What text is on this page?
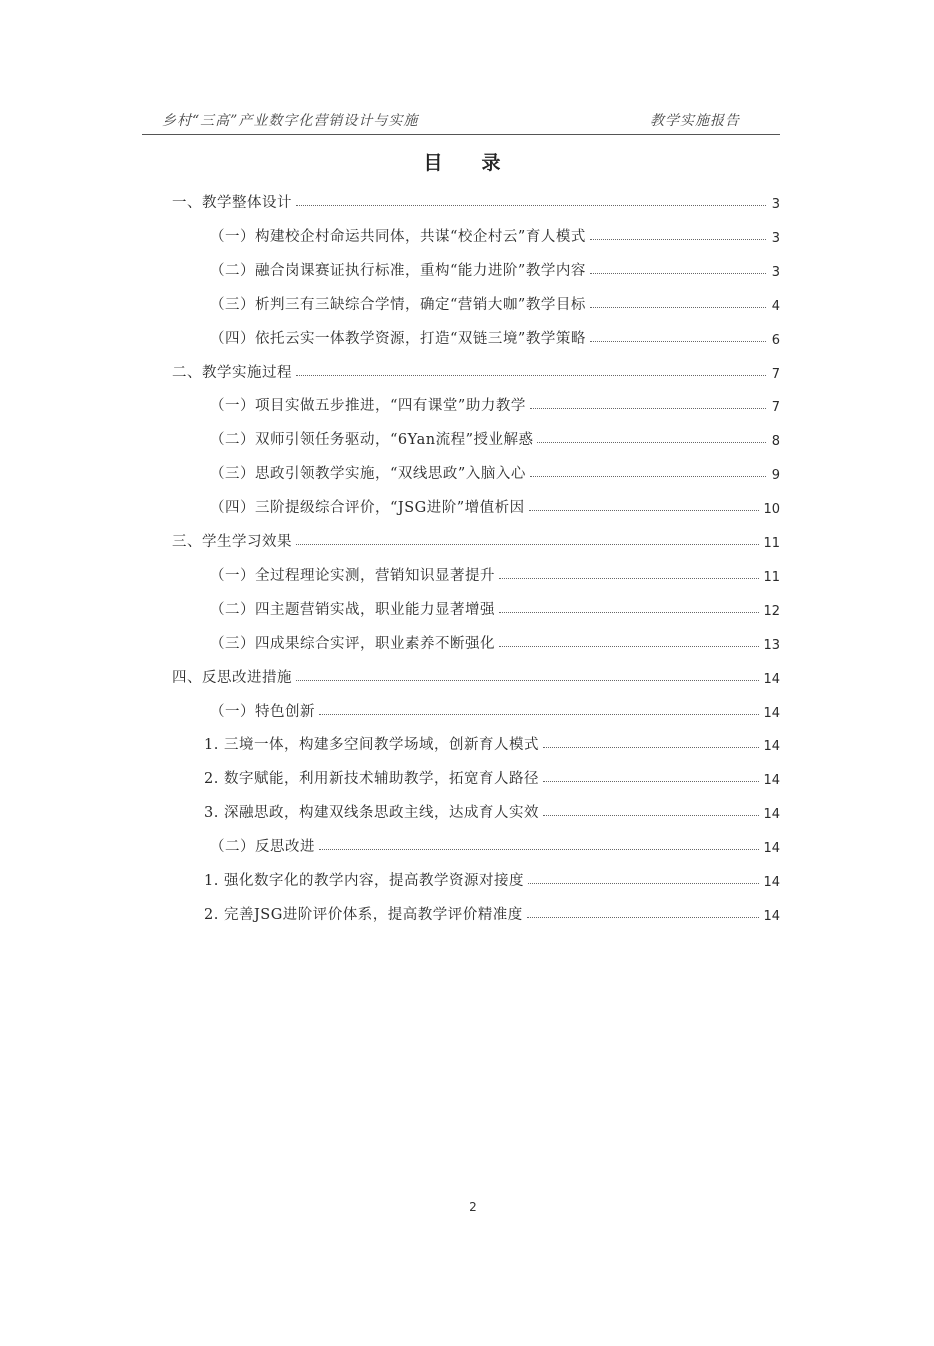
乡村“三高”产业数字化营销设计与实施	教学实施报告
目　录
一、教学整体设计	3
（一）构建校企村命运共同体，共谋“校企村云”育人模式	3
（二）融合岗课赛证执行标准，重构“能力进阶”教学内容	3
（三）析判三有三缺综合学情，确定“营销大咖”教学目标	4
（四）依托云实一体教学资源，打造“双链三境”教学策略	6
二、教学实施过程	7
（一）项目实做五步推进，“四有课堂”助力教学	7
（二）双师引领任务驱动，“6Yan流程”授业解惑	8
（三）思政引领教学实施，“双线思政”入脑入心	9
（四）三阶提级综合评价，“JSG进阶”增值析因	10
三、学生学习效果	11
（一）全过程理论实测，营销知识显著提升	11
（二）四主题营销实战，职业能力显著增强	12
（三）四成果综合实评，职业素养不断强化	13
四、反思改进措施	14
（一）特色创新	14
1. 三境一体，构建多空间教学场域，创新育人模式	14
2. 数字赋能，利用新技术辅助教学，拓宽育人路径	14
3. 深融思政，构建双线条思政主线，达成育人实效	14
（二）反思改进	14
1. 强化数字化的教学内容，提高教学资源对接度	14
2. 完善JSG进阶评价体系，提高教学评价精准度	14
2
